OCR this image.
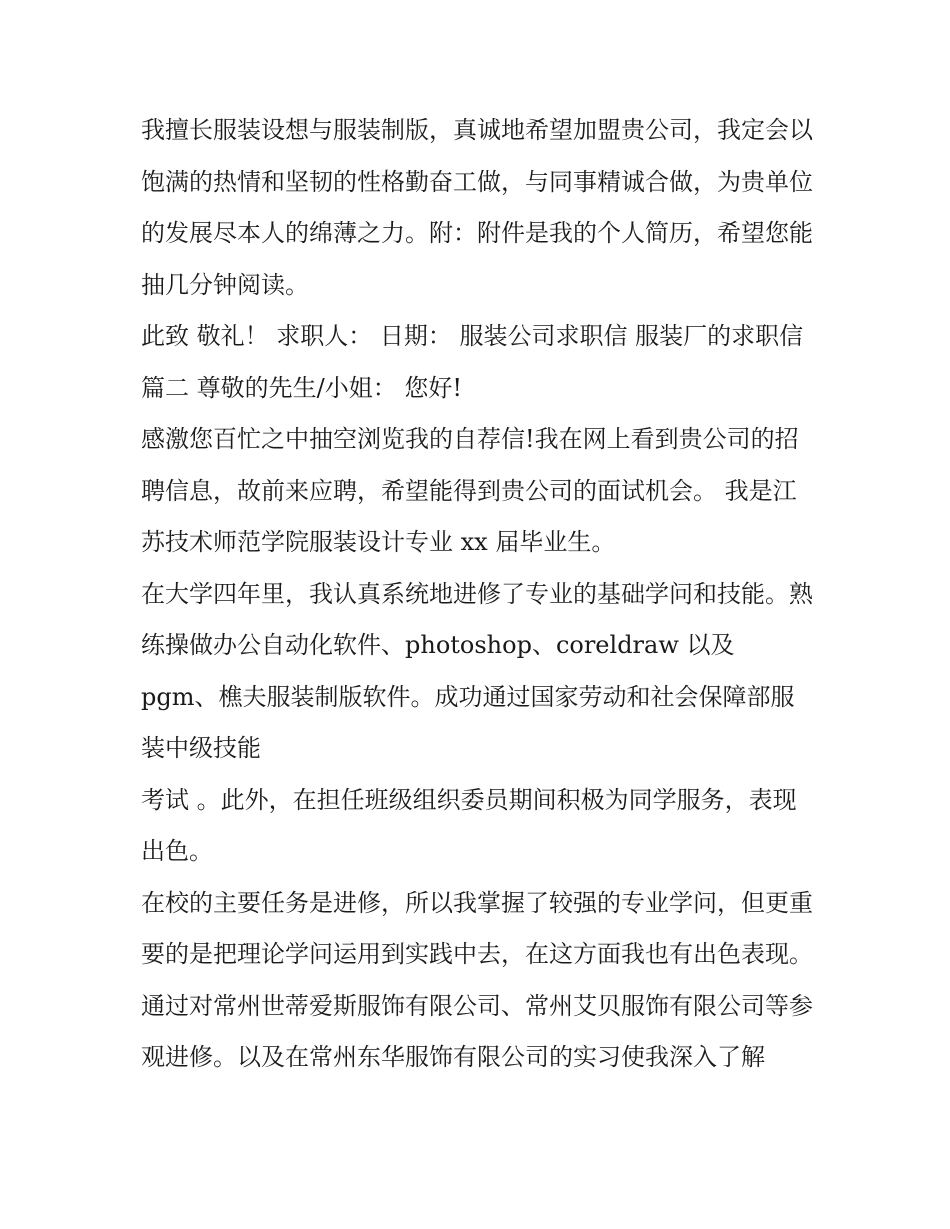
我擅长服装设想与服装制版，真诚地希望加盟贵公司，我定会以饱满的热情和坚韧的性格勤奋工做，与同事精诚合做，为贵单位的发展尽本人的绵薄之力。附：附件是我的个人简历，希望您能抽几分钟阅读。

此致 敬礼！ 求职人： 日期： 服装公司求职信 服装厂的求职信篇二 尊敬的先生/小姐： 您好!

感激您百忙之中抽空浏览我的自荐信!我在网上看到贵公司的招聘信息，故前来应聘，希望能得到贵公司的面试机会。 我是江苏技术师范学院服装设计专业 xx 届毕业生。

在大学四年里，我认真系统地进修了专业的基础学问和技能。熟练操做办公自动化软件、photoshop、coreldraw 以及 pgm、樵夫服装制版软件。成功通过国家劳动和社会保障部服装中级技能

考试 。此外，在担任班级组织委员期间积极为同学服务，表现出色。

在校的主要任务是进修，所以我掌握了较强的专业学问，但更重要的是把理论学问运用到实践中去，在这方面我也有出色表现。

通过对常州世蒂爱斯服饰有限公司、常州艾贝服饰有限公司等参观进修。以及在常州东华服饰有限公司的实习使我深入了解
